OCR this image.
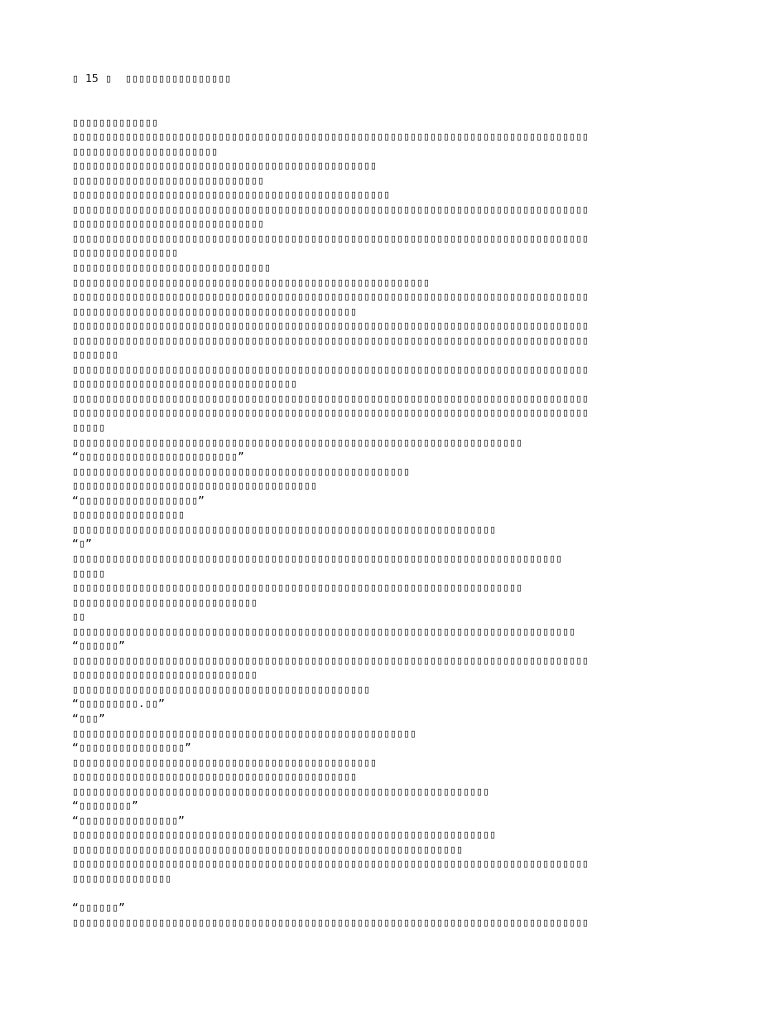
▯ 15 ▯  ▯▯▯▯▯▯▯▯▯▯▯▯▯▯▯▯
▯▯▯▯▯▯▯▯▯▯▯▯▯
▯▯▯▯▯▯▯▯▯▯▯▯▯▯▯▯▯▯▯▯▯▯▯▯▯▯▯▯▯▯▯▯▯▯▯▯▯▯▯▯▯▯▯▯▯▯▯▯▯▯▯▯▯▯▯▯▯▯▯▯▯▯▯▯▯▯▯▯▯▯▯▯▯▯▯▯▯▯
▯▯▯▯▯▯▯▯▯▯▯▯▯▯▯▯▯▯▯▯▯▯
▯▯▯▯▯▯▯▯▯▯▯▯▯▯▯▯▯▯▯▯▯▯▯▯▯▯▯▯▯▯▯▯▯▯▯▯▯▯▯▯▯▯▯▯▯▯
▯▯▯▯▯▯▯▯▯▯▯▯▯▯▯▯▯▯▯▯▯▯▯▯▯▯▯▯▯
▯▯▯▯▯▯▯▯▯▯▯▯▯▯▯▯▯▯▯▯▯▯▯▯▯▯▯▯▯▯▯▯▯▯▯▯▯▯▯▯▯▯▯▯▯▯▯▯
▯▯▯▯▯▯▯▯▯▯▯▯▯▯▯▯▯▯▯▯▯▯▯▯▯▯▯▯▯▯▯▯▯▯▯▯▯▯▯▯▯▯▯▯▯▯▯▯▯▯▯▯▯▯▯▯▯▯▯▯▯▯▯▯▯▯▯▯▯▯▯▯▯▯▯▯▯▯
▯▯▯▯▯▯▯▯▯▯▯▯▯▯▯▯▯▯▯▯▯▯▯▯▯▯▯▯▯
▯▯▯▯▯▯▯▯▯▯▯▯▯▯▯▯▯▯▯▯▯▯▯▯▯▯▯▯▯▯▯▯▯▯▯▯▯▯▯▯▯▯▯▯▯▯▯▯▯▯▯▯▯▯▯▯▯▯▯▯▯▯▯▯▯▯▯▯▯▯▯▯▯▯▯▯▯▯
▯▯▯▯▯▯▯▯▯▯▯▯▯▯▯▯
▯▯▯▯▯▯▯▯▯▯▯▯▯▯▯▯▯▯▯▯▯▯▯▯▯▯▯▯▯▯
▯▯▯▯▯▯▯▯▯▯▯▯▯▯▯▯▯▯▯▯▯▯▯▯▯▯▯▯▯▯▯▯▯▯▯▯▯▯▯▯▯▯▯▯▯▯▯▯▯▯▯▯▯▯
▯▯▯▯▯▯▯▯▯▯▯▯▯▯▯▯▯▯▯▯▯▯▯▯▯▯▯▯▯▯▯▯▯▯▯▯▯▯▯▯▯▯▯▯▯▯▯▯▯▯▯▯▯▯▯▯▯▯▯▯▯▯▯▯▯▯▯▯▯▯▯▯▯▯▯▯▯▯
▯▯▯▯▯▯▯▯▯▯▯▯▯▯▯▯▯▯▯▯▯▯▯▯▯▯▯▯▯▯▯▯▯▯▯▯▯▯▯▯▯▯▯
▯▯▯▯▯▯▯▯▯▯▯▯▯▯▯▯▯▯▯▯▯▯▯▯▯▯▯▯▯▯▯▯▯▯▯▯▯▯▯▯▯▯▯▯▯▯▯▯▯▯▯▯▯▯▯▯▯▯▯▯▯▯▯▯▯▯▯▯▯▯▯▯▯▯▯▯▯▯
▯▯▯▯▯▯▯▯▯▯▯▯▯▯▯▯▯▯▯▯▯▯▯▯▯▯▯▯▯▯▯▯▯▯▯▯▯▯▯▯▯▯▯▯▯▯▯▯▯▯▯▯▯▯▯▯▯▯▯▯▯▯▯▯▯▯▯▯▯▯▯▯▯▯▯▯▯▯
▯▯▯▯▯▯▯
▯▯▯▯▯▯▯▯▯▯▯▯▯▯▯▯▯▯▯▯▯▯▯▯▯▯▯▯▯▯▯▯▯▯▯▯▯▯▯▯▯▯▯▯▯▯▯▯▯▯▯▯▯▯▯▯▯▯▯▯▯▯▯▯▯▯▯▯▯▯▯▯▯▯▯▯▯▯
▯▯▯▯▯▯▯▯▯▯▯▯▯▯▯▯▯▯▯▯▯▯▯▯▯▯▯▯▯▯▯▯▯▯
▯▯▯▯▯▯▯▯▯▯▯▯▯▯▯▯▯▯▯▯▯▯▯▯▯▯▯▯▯▯▯▯▯▯▯▯▯▯▯▯▯▯▯▯▯▯▯▯▯▯▯▯▯▯▯▯▯▯▯▯▯▯▯▯▯▯▯▯▯▯▯▯▯▯▯▯▯▯
▯▯▯▯▯▯▯▯▯▯▯▯▯▯▯▯▯▯▯▯▯▯▯▯▯▯▯▯▯▯▯▯▯▯▯▯▯▯▯▯▯▯▯▯▯▯▯▯▯▯▯▯▯▯▯▯▯▯▯▯▯▯▯▯▯▯▯▯▯▯▯▯▯▯▯▯▯▯
▯▯▯▯▯
▯▯▯▯▯▯▯▯▯▯▯▯▯▯▯▯▯▯▯▯▯▯▯▯▯▯▯▯▯▯▯▯▯▯▯▯▯▯▯▯▯▯▯▯▯▯▯▯▯▯▯▯▯▯▯▯▯▯▯▯▯▯▯▯▯▯▯▯
“▯▯▯▯▯▯▯▯▯▯▯▯▯▯▯▯▯▯▯▯▯▯▯▯”
▯▯▯▯▯▯▯▯▯▯▯▯▯▯▯▯▯▯▯▯▯▯▯▯▯▯▯▯▯▯▯▯▯▯▯▯▯▯▯▯▯▯▯▯▯▯▯▯▯▯▯
▯▯▯▯▯▯▯▯▯▯▯▯▯▯▯▯▯▯▯▯▯▯▯▯▯▯▯▯▯▯▯▯▯▯▯▯▯
“▯▯▯▯▯▯▯▯▯▯▯▯▯▯▯▯▯▯”
▯▯▯▯▯▯▯▯▯▯▯▯▯▯▯▯▯
▯▯▯▯▯▯▯▯▯▯▯▯▯▯▯▯▯▯▯▯▯▯▯▯▯▯▯▯▯▯▯▯▯▯▯▯▯▯▯▯▯▯▯▯▯▯▯▯▯▯▯▯▯▯▯▯▯▯▯▯▯▯▯▯
“▯”
▯▯▯▯▯▯▯▯▯▯▯▯▯▯▯▯▯▯▯▯▯▯▯▯▯▯▯▯▯▯▯▯▯▯▯▯▯▯▯▯▯▯▯▯▯▯▯▯▯▯▯▯▯▯▯▯▯▯▯▯▯▯▯▯▯▯▯▯▯▯▯▯▯▯
▯▯▯▯▯
▯▯▯▯▯▯▯▯▯▯▯▯▯▯▯▯▯▯▯▯▯▯▯▯▯▯▯▯▯▯▯▯▯▯▯▯▯▯▯▯▯▯▯▯▯▯▯▯▯▯▯▯▯▯▯▯▯▯▯▯▯▯▯▯▯▯▯▯
▯▯▯▯▯▯▯▯▯▯▯▯▯▯▯▯▯▯▯▯▯▯▯▯▯▯▯▯
▯▯
▯▯▯▯▯▯▯▯▯▯▯▯▯▯▯▯▯▯▯▯▯▯▯▯▯▯▯▯▯▯▯▯▯▯▯▯▯▯▯▯▯▯▯▯▯▯▯▯▯▯▯▯▯▯▯▯▯▯▯▯▯▯▯▯▯▯▯▯▯▯▯▯▯▯▯▯
“▯▯▯▯▯▯”
▯▯▯▯▯▯▯▯▯▯▯▯▯▯▯▯▯▯▯▯▯▯▯▯▯▯▯▯▯▯▯▯▯▯▯▯▯▯▯▯▯▯▯▯▯▯▯▯▯▯▯▯▯▯▯▯▯▯▯▯▯▯▯▯▯▯▯▯▯▯▯▯▯▯▯▯▯▯
▯▯▯▯▯▯▯▯▯▯▯▯▯▯▯▯▯▯▯▯▯▯▯▯▯▯▯▯
▯▯▯▯▯▯▯▯▯▯▯▯▯▯▯▯▯▯▯▯▯▯▯▯▯▯▯▯▯▯▯▯▯▯▯▯▯▯▯▯▯▯▯▯▯
“▯▯▯▯▯▯▯▯▯.▯▯”
“▯▯▯”
▯▯▯▯▯▯▯▯▯▯▯▯▯▯▯▯▯▯▯▯▯▯▯▯▯▯▯▯▯▯▯▯▯▯▯▯▯▯▯▯▯▯▯▯▯▯▯▯▯▯▯▯
“▯▯▯▯▯▯▯▯▯▯▯▯▯▯▯▯”
▯▯▯▯▯▯▯▯▯▯▯▯▯▯▯▯▯▯▯▯▯▯▯▯▯▯▯▯▯▯▯▯▯▯▯▯▯▯▯▯▯▯▯▯▯▯
▯▯▯▯▯▯▯▯▯▯▯▯▯▯▯▯▯▯▯▯▯▯▯▯▯▯▯▯▯▯▯▯▯▯▯▯▯▯▯▯▯▯▯
▯▯▯▯▯▯▯▯▯▯▯▯▯▯▯▯▯▯▯▯▯▯▯▯▯▯▯▯▯▯▯▯▯▯▯▯▯▯▯▯▯▯▯▯▯▯▯▯▯▯▯▯▯▯▯▯▯▯▯▯▯▯▯
“▯▯▯▯▯▯▯▯”
“▯▯▯▯▯▯▯▯▯▯▯▯▯▯▯”
▯▯▯▯▯▯▯▯▯▯▯▯▯▯▯▯▯▯▯▯▯▯▯▯▯▯▯▯▯▯▯▯▯▯▯▯▯▯▯▯▯▯▯▯▯▯▯▯▯▯▯▯▯▯▯▯▯▯▯▯▯▯▯▯
▯▯▯▯▯▯▯▯▯▯▯▯▯▯▯▯▯▯▯▯▯▯▯▯▯▯▯▯▯▯▯▯▯▯▯▯▯▯▯▯▯▯▯▯▯▯▯▯▯▯▯▯▯▯▯▯▯▯▯
▯▯▯▯▯▯▯▯▯▯▯▯▯▯▯▯▯▯▯▯▯▯▯▯▯▯▯▯▯▯▯▯▯▯▯▯▯▯▯▯▯▯▯▯▯▯▯▯▯▯▯▯▯▯▯▯▯▯▯▯▯▯▯▯▯▯▯▯▯▯▯▯▯▯▯▯▯▯
▯▯▯▯▯▯▯▯▯▯▯▯▯▯▯
“▯▯▯▯▯▯”
▯▯▯▯▯▯▯▯▯▯▯▯▯▯▯▯▯▯▯▯▯▯▯▯▯▯▯▯▯▯▯▯▯▯▯▯▯▯▯▯▯▯▯▯▯▯▯▯▯▯▯▯▯▯▯▯▯▯▯▯▯▯▯▯▯▯▯▯▯▯▯▯▯▯▯▯▯▯
